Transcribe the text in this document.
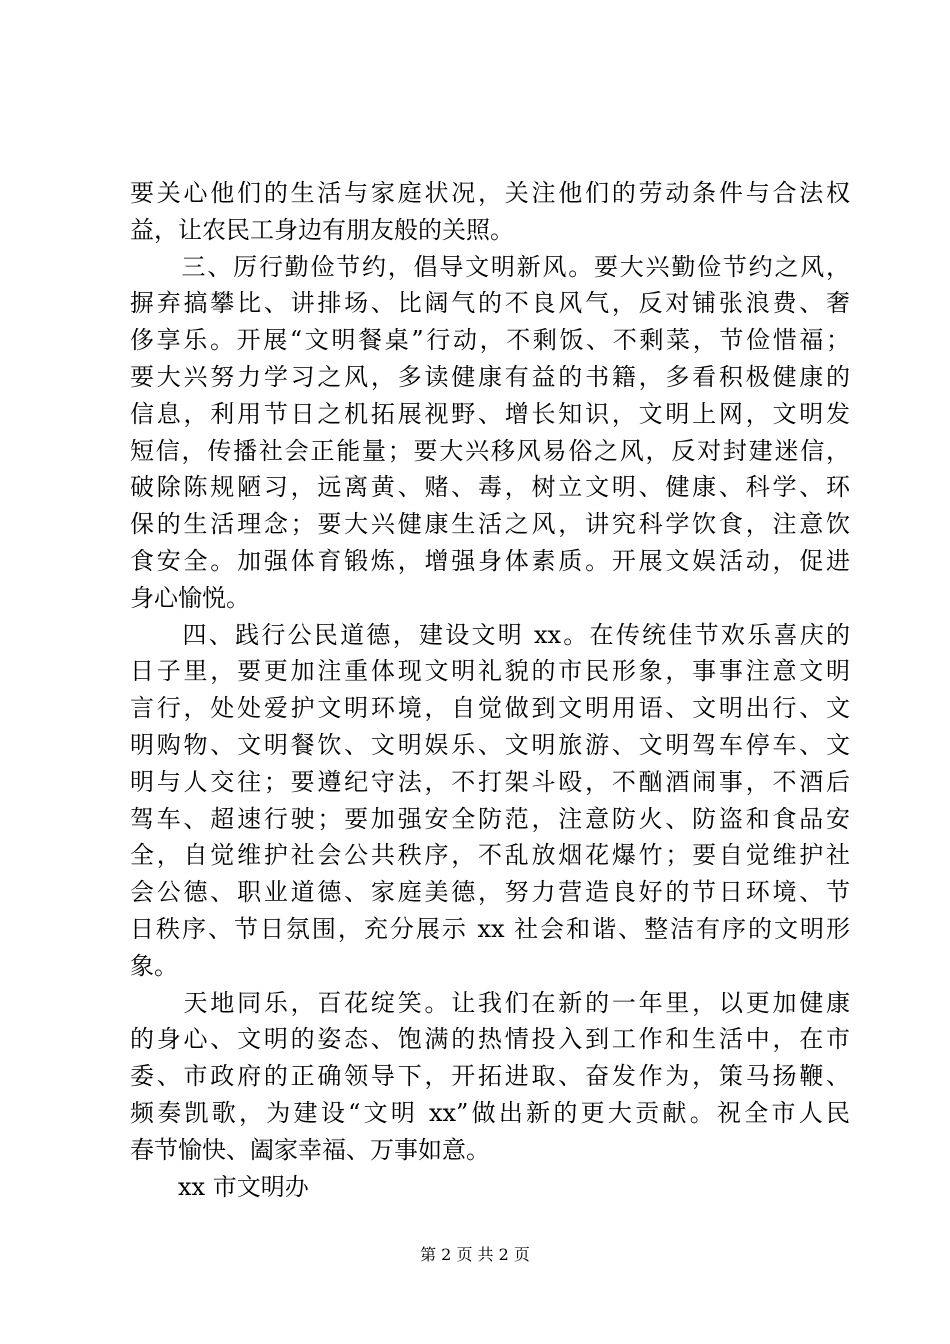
要关心他们的生活与家庭状况，关注他们的劳动条件与合法权
益，让农民工身边有朋友般的关照。
　　三、厉行勤俭节约，倡导文明新风。要大兴勤俭节约之风，
摒弃搞攀比、讲排场、比阔气的不良风气，反对铺张浪费、奢
侈享乐。开展“文明餐桌”行动，不剩饭、不剩菜，节俭惜福；
要大兴努力学习之风，多读健康有益的书籍，多看积极健康的
信息，利用节日之机拓展视野、增长知识，文明上网，文明发
短信，传播社会正能量；要大兴移风易俗之风，反对封建迷信，
破除陈规陋习，远离黄、赌、毒，树立文明、健康、科学、环
保的生活理念；要大兴健康生活之风，讲究科学饮食，注意饮
食安全。加强体育锻炼，增强身体素质。开展文娱活动，促进
身心愉悦。
　　四、践行公民道德，建设文明 xx。在传统佳节欢乐喜庆的
日子里，要更加注重体现文明礼貌的市民形象，事事注意文明
言行，处处爱护文明环境，自觉做到文明用语、文明出行、文
明购物、文明餐饮、文明娱乐、文明旅游、文明驾车停车、文
明与人交往；要遵纪守法，不打架斗殴，不酗酒闹事，不酒后
驾车、超速行驶；要加强安全防范，注意防火、防盗和食品安
全，自觉维护社会公共秩序，不乱放烟花爆竹；要自觉维护社
会公德、职业道德、家庭美德，努力营造良好的节日环境、节
日秩序、节日氛围，充分展示 xx 社会和谐、整洁有序的文明形
象。
　　天地同乐，百花绽笑。让我们在新的一年里，以更加健康
的身心、文明的姿态、饱满的热情投入到工作和生活中，在市
委、市政府的正确领导下，开拓进取、奋发作为，策马扬鞭、
频奏凯歌，为建设“文明 xx”做出新的更大贡献。祝全市人民
春节愉快、阖家幸福、万事如意。
　　xx 市文明办
第 2 页 共 2 页
